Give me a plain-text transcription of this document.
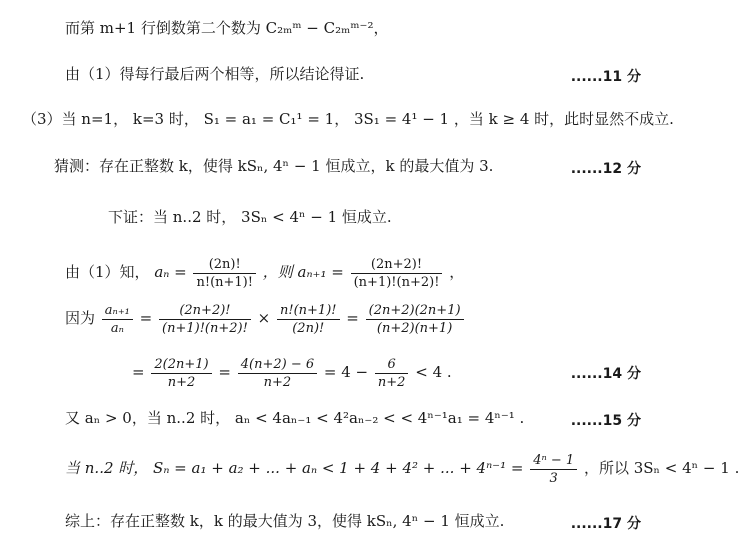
而第 m+1 行倒数第二个数为 C₂ₘᵐ − C₂ₘᵐ⁻²，
由（1）得每行最后两个相等，所以结论得证.	......11 分
（3）当 n=1， k=3 时， S₁ = a₁ = C₁¹ = 1， 3S₁ = 4¹ − 1 ，当 k ≥ 4 时，此时显然不成立.
猜测：存在正整数 k，使得 kSₙ, 4ⁿ − 1 恒成立，k 的最大值为 3.	......12 分
下证：当 n..2 时， 3Sₙ < 4ⁿ − 1 恒成立.
由（1）知， $a_n = \frac{(2n)!}{n!(n+1)!}$ ，则 $a_{n+1} = \frac{(2n+2)!}{(n+1)!(n+2)!}$ ，
因为 $\frac{\text{aₙ₊₁}}{\text{aₙ}} = \frac{(2n+2)!}{(n+1)!(n+2)!} \times \frac{n!(n+1)!}{(2n)!} = \frac{(2n+2)(2n+1)}{(n+2)(n+1)}$
= $\frac{2(2n+1)}{n+2} = \frac{4(n+2) - 6}{n+2} = 4 - \frac{6}{n+2} < 4$ .	......14 分
又 aₙ > 0，当 n..2 时， aₙ < 4aₙ₋₁ < 4²aₙ₋₂ < < 4ⁿ⁻¹a₁ = 4ⁿ⁻¹ .	......15 分
当 n..2 时， Sₙ = a₁ + a₂ + ... + aₙ < 1 + 4 + 4² + ... + $4^{n-1} = \frac{\text{4ⁿ − 1}}{3}$ ，所以 3Sₙ < 4ⁿ − 1 .
综上：存在正整数 k，k 的最大值为 3，使得 kSₙ, 4ⁿ − 1 恒成立.	......17 分
